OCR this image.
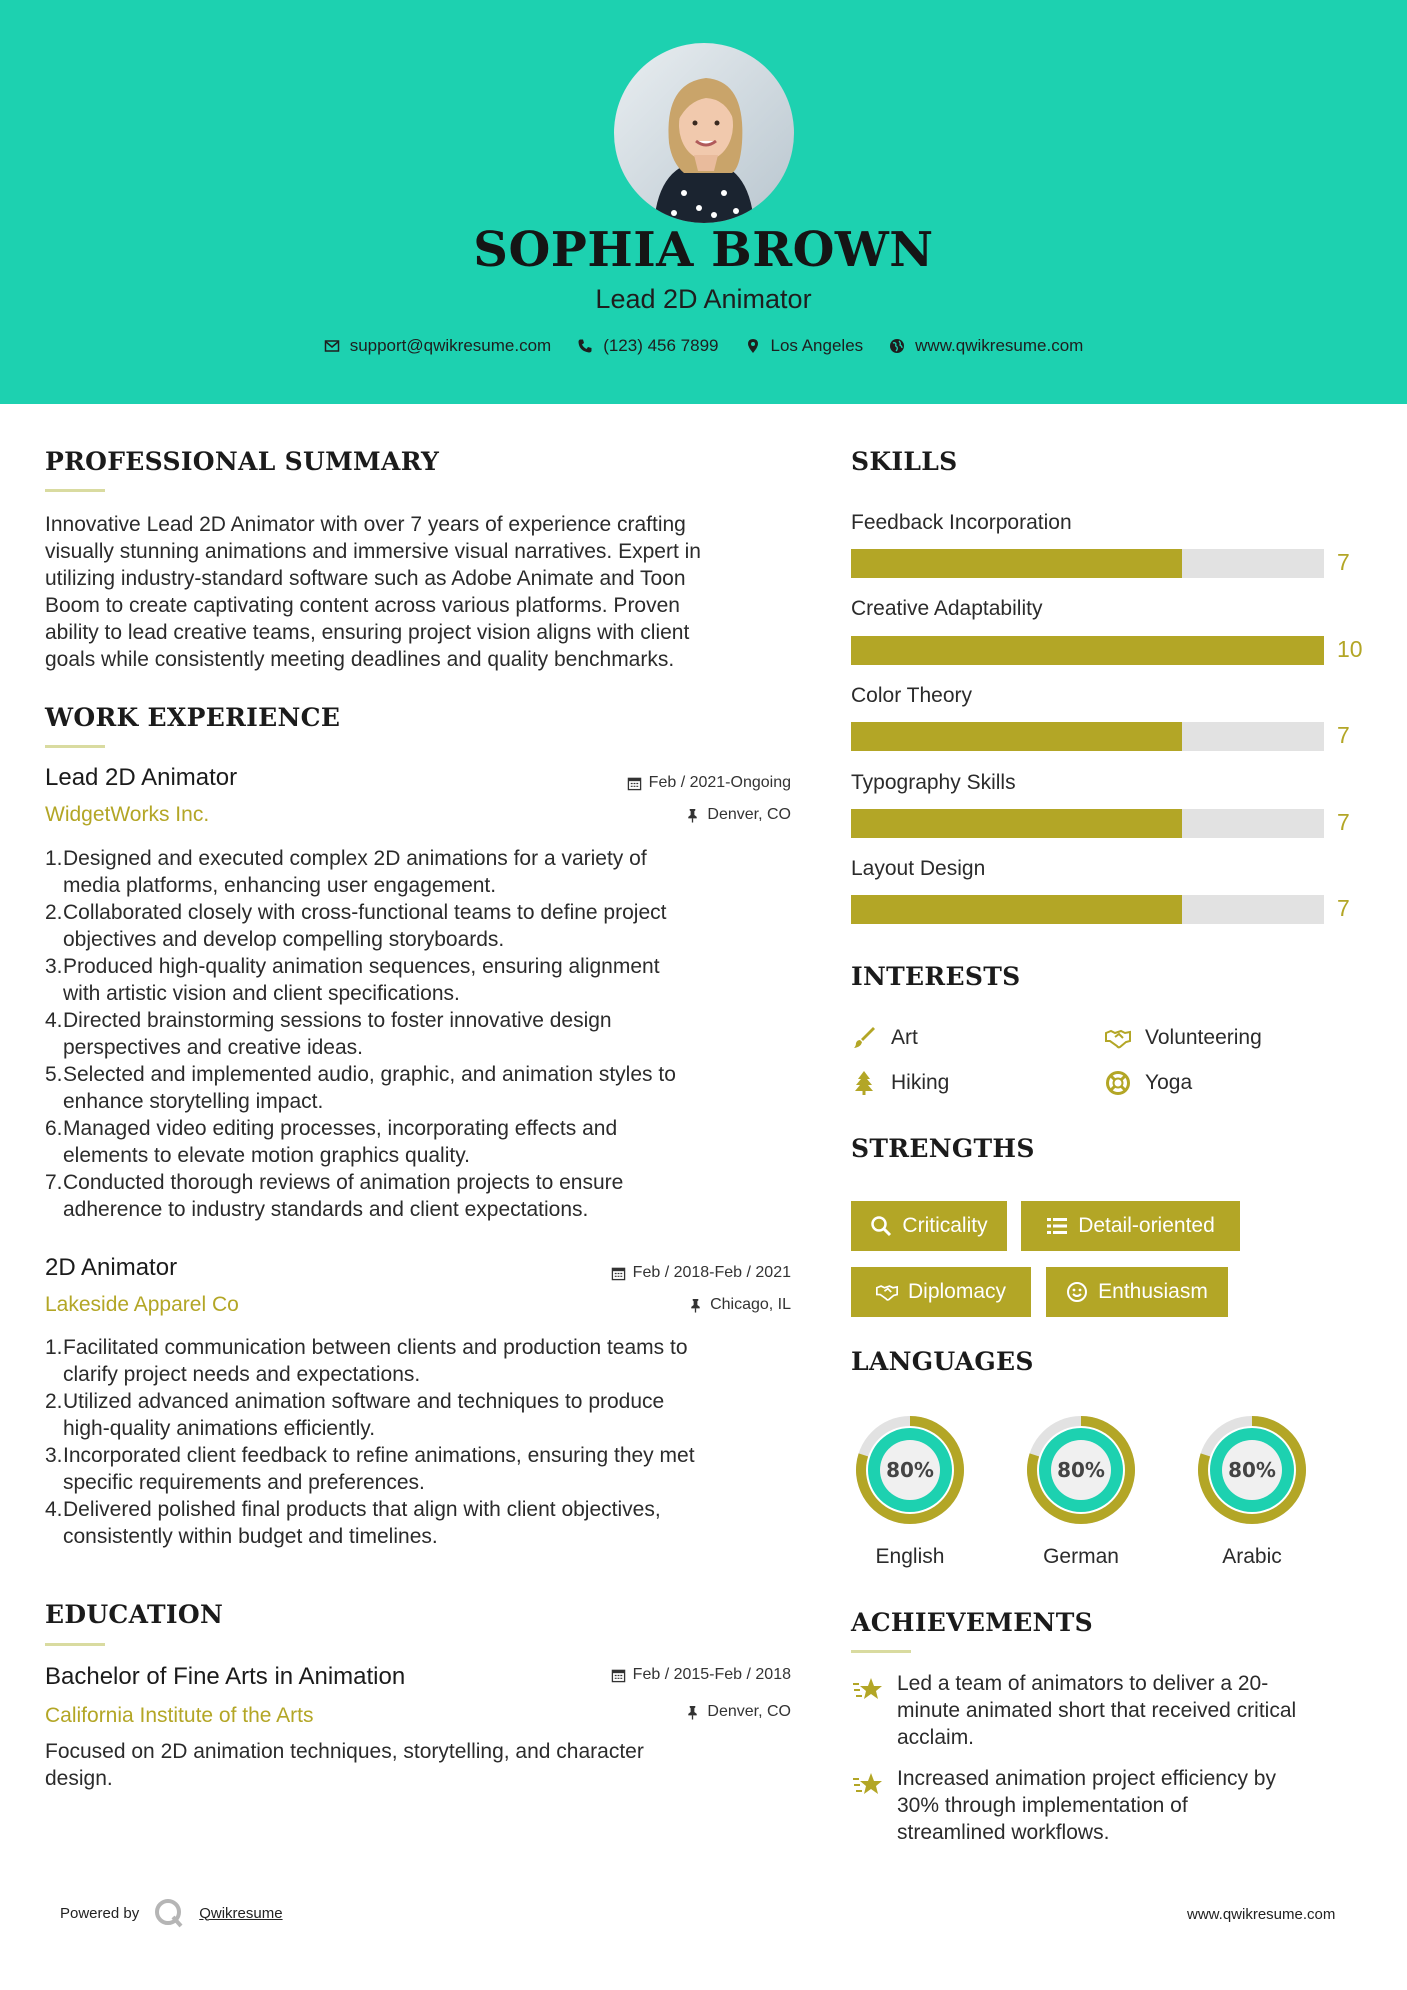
SOPHIA BROWN
Lead 2D Animator
support@qwikresume.com	(123) 456 7899	Los Angeles	www.qwikresume.com
PROFESSIONAL SUMMARY
Innovative Lead 2D Animator with over 7 years of experience crafting
visually stunning animations and immersive visual narratives. Expert in
utilizing industry-standard software such as Adobe Animate and Toon
Boom to create captivating content across various platforms. Proven
ability to lead creative teams, ensuring project vision aligns with client
goals while consistently meeting deadlines and quality benchmarks.
WORK EXPERIENCE
Lead 2D Animator	Feb / 2021-Ongoing
WidgetWorks Inc.	Denver, CO
1. Designed and executed complex 2D animations for a variety of
media platforms, enhancing user engagement.
2. Collaborated closely with cross-functional teams to define project
objectives and develop compelling storyboards.
3. Produced high-quality animation sequences, ensuring alignment
with artistic vision and client specifications.
4. Directed brainstorming sessions to foster innovative design
perspectives and creative ideas.
5. Selected and implemented audio, graphic, and animation styles to
enhance storytelling impact.
6. Managed video editing processes, incorporating effects and
elements to elevate motion graphics quality.
7. Conducted thorough reviews of animation projects to ensure
adherence to industry standards and client expectations.
2D Animator	Feb / 2018-Feb / 2021
Lakeside Apparel Co	Chicago, IL
1. Facilitated communication between clients and production teams to
clarify project needs and expectations.
2. Utilized advanced animation software and techniques to produce
high-quality animations efficiently.
3. Incorporated client feedback to refine animations, ensuring they met
specific requirements and preferences.
4. Delivered polished final products that align with client objectives,
consistently within budget and timelines.
EDUCATION
Bachelor of Fine Arts in Animation	Feb / 2015-Feb / 2018
California Institute of the Arts	Denver, CO
Focused on 2D animation techniques, storytelling, and character
design.
SKILLS
Feedback Incorporation
7
Creative Adaptability
10
Color Theory
7
Typography Skills
7
Layout Design
7
INTERESTS
Art	Volunteering
Hiking	Yoga
STRENGTHS
Criticality	Detail-oriented
Diplomacy	Enthusiasm
LANGUAGES
80%	80%	80%
English	German	Arabic
ACHIEVEMENTS
Led a team of animators to deliver a 20-
minute animated short that received critical
acclaim.
Increased animation project efficiency by
30% through implementation of
streamlined workflows.
Powered by	Qwikresume	www.qwikresume.com
